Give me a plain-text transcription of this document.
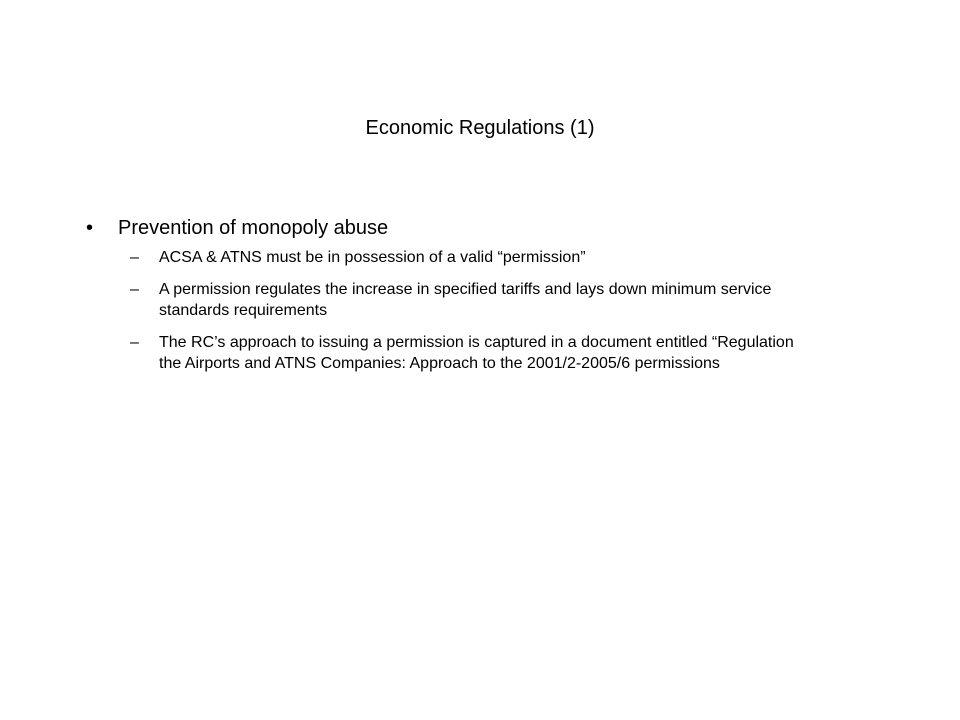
Economic Regulations (1)
• Prevention of monopoly abuse
– ACSA & ATNS must be in possession of a valid “permission”
– A permission regulates the increase in specified tariffs and lays down minimum service standards requirements
– The RC’s approach to issuing a permission is captured in a document entitled “Regulation the Airports and ATNS Companies: Approach to the 2001/2-2005/6 permissions
